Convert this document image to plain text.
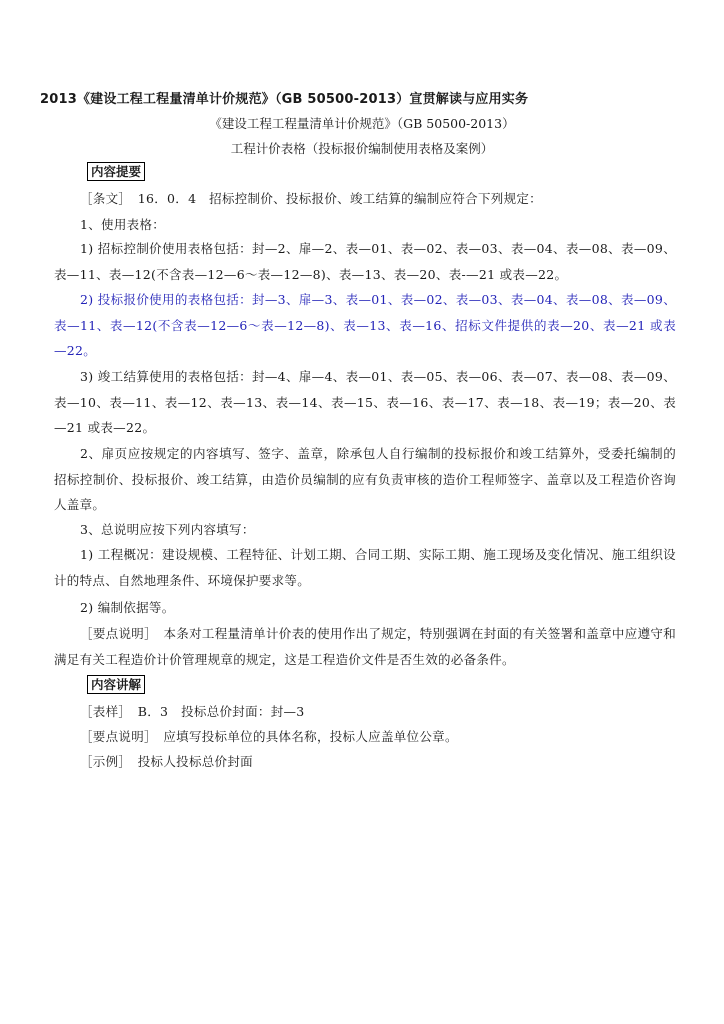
2013《建设工程工程量清单计价规范》（GB 50500-2013）宣贯解读与应用实务
《建设工程工程量清单计价规范》（GB 50500-2013）
工程计价表格（投标报价编制使用表格及案例）
内容提要
［条文］　16．0．4　招标控制价、投标报价、竣工结算的编制应符合下列规定：
1、使用表格：
1) 招标控制价使用表格包括：封—2、扉—2、表—01、表—02、表—03、表—04、表—08、表—09、表—11、表—12(不含表—12—6～表—12—8)、表—13、表—20、表-—21 或表—22。
2) 投标报价使用的表格包括：封—3、扉—3、表—01、表—02、表—03、表—04、表—08、表—09、表—11、表—12(不含表—12—6～表—12—8)、表—13、表—16、招标文件提供的表—20、表—21 或表—22。
3) 竣工结算使用的表格包括：封—4、扉—4、表—01、表—05、表—06、表—07、表—08、表—09、表—10、表—11、表—12、表—13、表—14、表—15、表—16、表—17、表—18、表—19；表—20、表—21 或表—22。
2、扉页应按规定的内容填写、签字、盖章，除承包人自行编制的投标报价和竣工结算外，受委托编制的招标控制价、投标报价、竣工结算，由造价员编制的应有负责审核的造价工程师签字、盖章以及工程造价咨询人盖章。
3、总说明应按下列内容填写：
1) 工程概况：建设规模、工程特征、计划工期、合同工期、实际工期、施工现场及变化情况、施工组织设计的特点、自然地理条件、环境保护要求等。
2) 编制依据等。
［要点说明］　本条对工程量清单计价表的使用作出了规定，特别强调在封面的有关签署和盖章中应遵守和满足有关工程造价计价管理规章的规定，这是工程造价文件是否生效的必备条件。
内容讲解
［表样］　B．3　投标总价封面：封—3
［要点说明］　应填写投标单位的具体名称，投标人应盖单位公章。
［示例］　投标人投标总价封面
